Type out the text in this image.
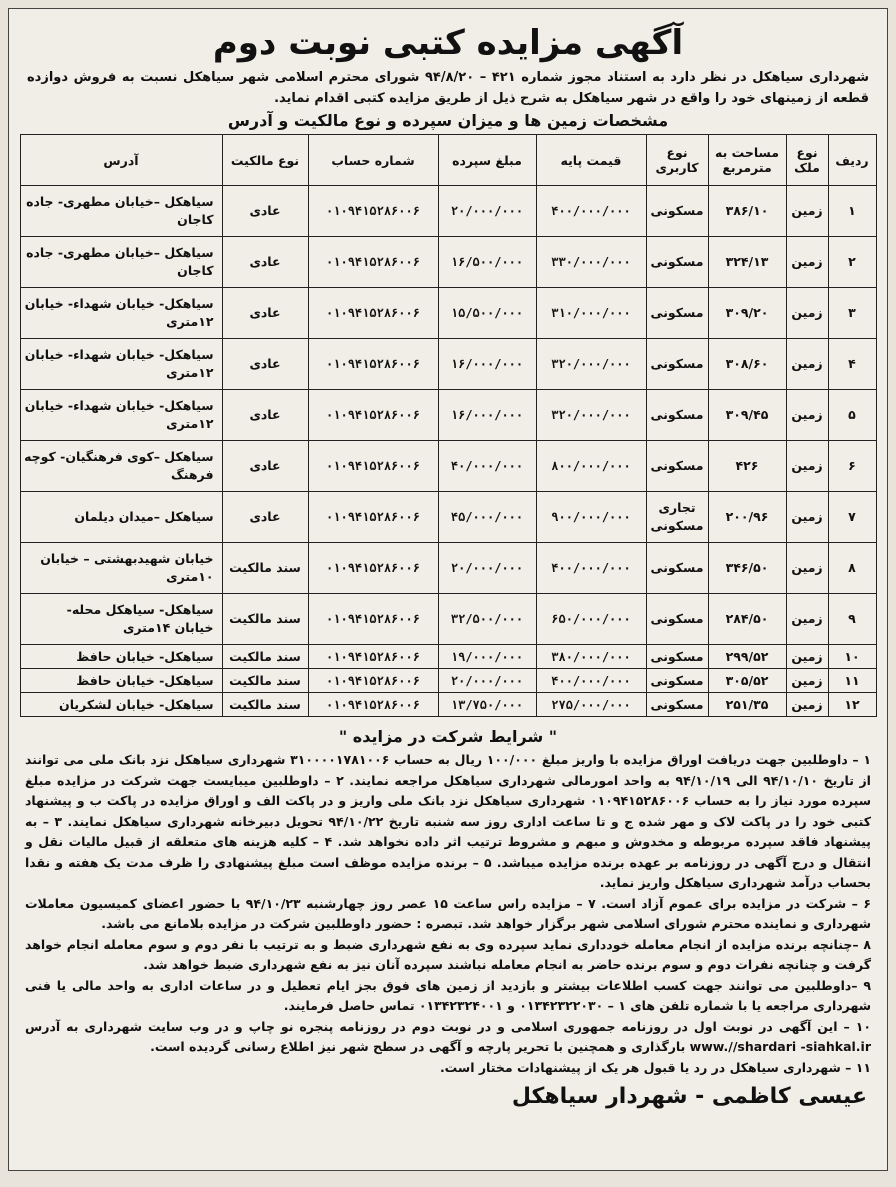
آگهی مزایده کتبی نوبت دوم
شهرداری سیاهکل در نظر دارد به استناد مجوز شماره ۴۲۱ – ۹۴/۸/۲۰ شورای محترم اسلامی شهر سیاهکل نسبت به فروش دوازده قطعه از زمینهای خود را واقع در شهر سیاهکل به شرح ذیل از طریق مزایده کتبی اقدام نماید.
مشخصات زمین ها و میزان سپرده و نوع مالکیت و آدرس
ردیف	نوع ملک	مساحت به مترمربع	نوع کاربری	قیمت پایه	مبلغ سپرده	شماره حساب	نوع مالکیت	آدرس
۱	زمین	۳۸۶/۱۰	مسکونی	۴۰۰/۰۰۰/۰۰۰	۲۰/۰۰۰/۰۰۰	۰۱۰۹۴۱۵۲۸۶۰۰۶	عادی	سیاهکل –خیابان مطهری- جاده کاجان
۲	زمین	۳۲۴/۱۳	مسکونی	۳۳۰/۰۰۰/۰۰۰	۱۶/۵۰۰/۰۰۰	۰۱۰۹۴۱۵۲۸۶۰۰۶	عادی	سیاهکل –خیابان مطهری- جاده کاجان
۳	زمین	۳۰۹/۲۰	مسکونی	۳۱۰/۰۰۰/۰۰۰	۱۵/۵۰۰/۰۰۰	۰۱۰۹۴۱۵۲۸۶۰۰۶	عادی	سیاهکل- خیابان شهداء- خیابان ۱۲متری
۴	زمین	۳۰۸/۶۰	مسکونی	۳۲۰/۰۰۰/۰۰۰	۱۶/۰۰۰/۰۰۰	۰۱۰۹۴۱۵۲۸۶۰۰۶	عادی	سیاهکل- خیابان شهداء- خیابان ۱۲متری
۵	زمین	۳۰۹/۴۵	مسکونی	۳۲۰/۰۰۰/۰۰۰	۱۶/۰۰۰/۰۰۰	۰۱۰۹۴۱۵۲۸۶۰۰۶	عادی	سیاهکل- خیابان شهداء- خیابان ۱۲متری
۶	زمین	۴۲۶	مسکونی	۸۰۰/۰۰۰/۰۰۰	۴۰/۰۰۰/۰۰۰	۰۱۰۹۴۱۵۲۸۶۰۰۶	عادی	سیاهکل –کوی فرهنگیان- کوچه فرهنگ
۷	زمین	۲۰۰/۹۶	تجاری مسکونی	۹۰۰/۰۰۰/۰۰۰	۴۵/۰۰۰/۰۰۰	۰۱۰۹۴۱۵۲۸۶۰۰۶	عادی	سیاهکل –میدان دیلمان
۸	زمین	۳۴۶/۵۰	مسکونی	۴۰۰/۰۰۰/۰۰۰	۲۰/۰۰۰/۰۰۰	۰۱۰۹۴۱۵۲۸۶۰۰۶	سند مالکیت	خیابان شهیدبهشتی – خیابان ۱۰متری
۹	زمین	۲۸۴/۵۰	مسکونی	۶۵۰/۰۰۰/۰۰۰	۳۲/۵۰۰/۰۰۰	۰۱۰۹۴۱۵۲۸۶۰۰۶	سند مالکیت	سیاهکل- سیاهکل محله- خیابان ۱۴متری
۱۰	زمین	۲۹۹/۵۲	مسکونی	۳۸۰/۰۰۰/۰۰۰	۱۹/۰۰۰/۰۰۰	۰۱۰۹۴۱۵۲۸۶۰۰۶	سند مالکیت	سیاهکل- خیابان حافظ
۱۱	زمین	۳۰۵/۵۲	مسکونی	۴۰۰/۰۰۰/۰۰۰	۲۰/۰۰۰/۰۰۰	۰۱۰۹۴۱۵۲۸۶۰۰۶	سند مالکیت	سیاهکل- خیابان حافظ
۱۲	زمین	۲۵۱/۳۵	مسکونی	۲۷۵/۰۰۰/۰۰۰	۱۳/۷۵۰/۰۰۰	۰۱۰۹۴۱۵۲۸۶۰۰۶	سند مالکیت	سیاهکل- خیابان لشکریان
" شرایط شرکت در مزایده "

۱ – داوطلبین جهت دریافت اوراق مزایده با واریز مبلغ ۱۰۰/۰۰۰ ریال به حساب ۳۱۰۰۰۰۱۷۸۱۰۰۶ شهرداری سیاهکل نزد بانک ملی می توانند از تاریخ ۹۴/۱۰/۱۰ الی ۹۴/۱۰/۱۹ به واحد امورمالی شهرداری سیاهکل مراجعه نمایند. ۲ – داوطلبین میبایست جهت شرکت در مزایده مبلغ سپرده مورد نیاز را به حساب ۰۱۰۹۴۱۵۲۸۶۰۰۶ شهرداری سیاهکل نزد بانک ملی واریز و در پاکت الف و اوراق مزایده در پاکت ب و پیشنهاد کتبی خود را در پاکت لاک و مهر شده ج و تا ساعت اداری روز سه شنبه تاریخ ۹۴/۱۰/۲۲ تحویل دبیرخانه شهرداری سیاهکل نمایند. ۳ – به پیشنهاد فاقد سپرده مربوطه و مخدوش و مبهم و مشروط ترتیب اثر داده نخواهد شد. ۴ – کلیه هزینه های متعلقه از قبیل مالیات نقل و انتقال و درج آگهی در روزنامه بر عهده برنده مزایده میباشد. ۵ – برنده مزایده موظف است مبلغ پیشنهادی را ظرف مدت یک هفته و نقدا بحساب درآمد شهرداری سیاهکل واریز نماید.

۶ – شرکت در مزایده برای عموم آزاد است. ۷ – مزایده راس ساعت ۱۵ عصر روز چهارشنبه ۹۴/۱۰/۲۳ با حضور اعضای کمیسیون معاملات شهرداری و نماینده محترم شورای اسلامی شهر برگزار خواهد شد. تبصره : حضور داوطلبین شرکت در مزایده بلامانع می باشد.

۸ –چنانچه برنده مزایده از انجام معامله خودداری نماید سپرده وی به نفع شهرداری ضبط و به ترتیب با نفر دوم و سوم معامله انجام خواهد گرفت و چنانچه نفرات دوم و سوم برنده حاضر به انجام معامله نباشند سپرده آنان نیز به نفع شهرداری ضبط خواهد شد.

۹ –داوطلبین می توانند جهت کسب اطلاعات بیشتر و بازدید از زمین های فوق بجز ایام تعطیل و در ساعات اداری به واحد مالی یا فنی شهرداری مراجعه یا با شماره تلفن های ۱ – ۰۱۳۴۲۳۲۲۰۳۰ و ۰۱۳۴۲۳۲۴۰۰۱ تماس حاصل فرمایند.

۱۰ – این آگهی در نوبت اول در روزنامه جمهوری اسلامی و در نوبت دوم در روزنامه پنجره نو چاپ و در وب سایت شهرداری به آدرس www.//shardari -siahkal.ir بارگذاری و همچنین با تحریر پارچه و آگهی در سطح شهر نیز اطلاع رسانی گردیده است.

۱۱ – شهرداری سیاهکل در رد یا قبول هر یک از پیشنهادات مختار است.

عیسی کاظمی - شهردار سیاهکل
